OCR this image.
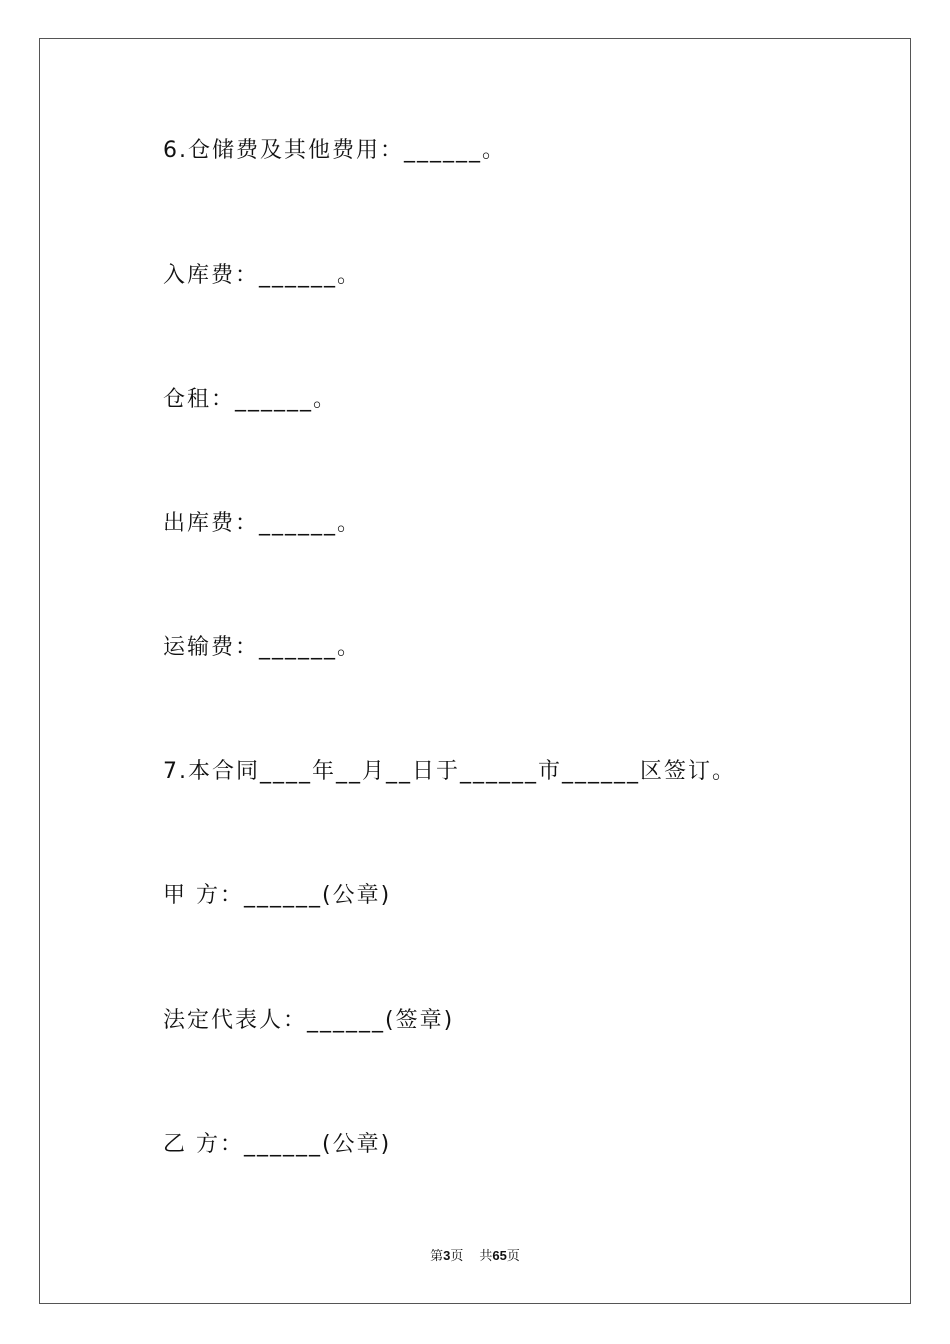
6.仓储费及其他费用：______。
入库费：______。
仓租：______。
出库费：______。
运输费：______。
7.本合同____年__月__日于______市______区签订。
甲 方：______(公章)
法定代表人：______(签章)
乙 方：______(公章)
第3页 共65页
